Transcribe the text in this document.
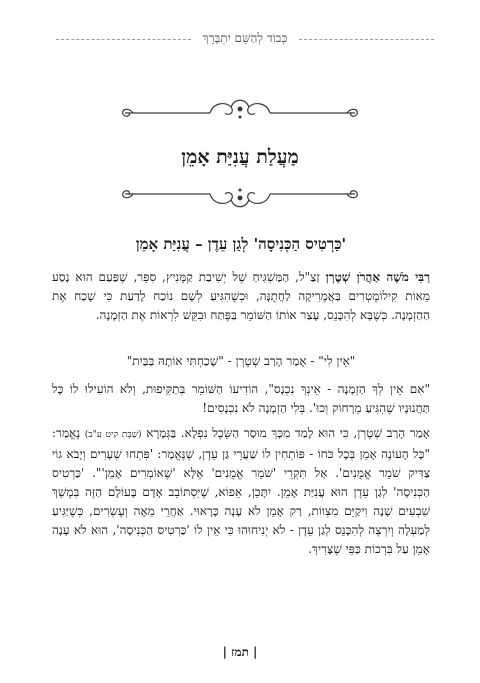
כְּבוֹד לְהַשֵּׁם יִתְבָּרֵךְ
מַעֲלַת עֲנִיַּת אָמֵן
'כַּרְטִיס הַכְּנִיסָה' לְגַן עֵדֶן – עֲנִיַּת אָמֵן

רַבִּי מֹשֶׁה אַהֲרֹן שְׁטֶרְן זַצַ"ל, הַמַּשְׁגִּיחַ שֶׁל יְשִׁיבַת קַמֶּנִיץ, סִפֵּר, שֶׁפַּעַם הוּא נָסַע מֵאוֹת קִילוֹמֶטְרִים בַּאֲמֶרִיקָה לַחֲתֻנָּה, וּכְשֶׁהִגִּיעַ לְשָׁם נוֹכַח לָדַעַת כִּי שָׁכַח אֶת הַהַזְמָנָה. כְּשֶׁבָּא לְהִכָּנֵס, עָצַר אוֹתוֹ הַשּׁוֹמֵר בַּפֶּתַח וּבִקֵּשׁ לִרְאוֹת אֶת הַזְּמָנָה.

"אֵין לִי" - אָמַר הָרַב שְׁטֶרְן - "שָׁכַחְתִּי אוֹתָהּ בַּבַּיִת"

"אִם אֵין לְךָ הַזְמָנָה - אֵינְךָ נִכְנָס", הוֹדִיעוֹ הַשּׁוֹמֵר בְּתַקִּיפוּת, וְלֹא הוֹעִילוּ לוֹ כָּל תַּחֲנוּנָיו שֶׁהִגִּיעַ מֵרָחוֹק וְכוּ'. בְּלִי הַזְמָנָה לֹא נִכְנָסִים!

אָמַר הָרַב שְׁטֶרְן, כִּי הוּא לָמַד מִכָּךְ מוּסַר הַשֵּׂכֶל נִפְלָא. בַּגְּמָרָא (שַׁבָּת קיט ע"ב) נֶאֱמַר: "כָּל הָעוֹנֶה אָמֵן בְּכָל כֹּחוֹ - פּוֹתְחִין לוֹ שַׁעֲרֵי גַּן עֵדֶן, שֶׁנֶּאֱמַר: 'פִּתְחוּ שְׁעָרִים וְיָבֹא גוֹי צַדִּיק שֹׁמֵר אֱמֻנִים'. אַל תִּקְרֵי 'שֹׁמֵר אֱמֻנִים' אֶלָּא 'שֶׁאוֹמְרִים אָמֵן'". 'כַּרְטִיס הַכְּנִיסָה' לְגַן עֵדֶן הוּא עֲנִיַּת אָמֵן. יִתָּכֵן, אֵפוֹא, שֶׁיִּסְתּוֹבֵב אָדָם בָּעוֹלָם הַזֶּה בְּמֶשֶׁךְ שִׁבְעִים שָׁנָה וִיקַיֵּם מִצְווֹת, רַק אָמֵן לֹא עָנָה כָּרָאוּי. אַחֲרֵי מֵאָה וְעֶשְׂרִים, כְּשֶׁיַּגִּיעַ לְמַעְלָה וְיִרְצֶה לְהִכָּנֵס לְגַן עֵדֶן - לֹא יְנִיחוּהוּ כִּי אֵין לוֹ 'כַּרְטִיס הַכְּנִיסָה', הוּא לֹא עָנָה אָמֵן עַל בִּרְכוֹת כַּפֵּי שֶׁצָּרִיךְ.

| תמז |
